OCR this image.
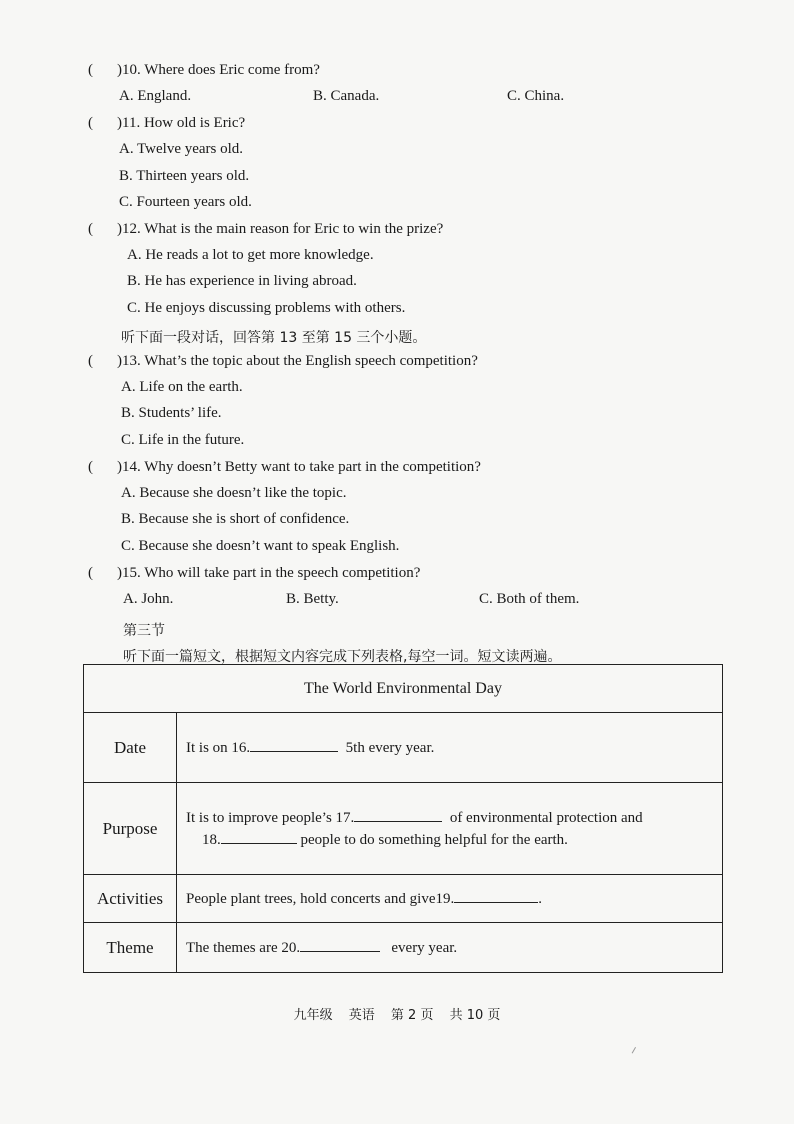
( )10. Where does Eric come from?
A. England.	B. Canada.	C. China.
( )11. How old is Eric?
A. Twelve years old.
B. Thirteen years old.
C. Fourteen years old.
( )12. What is the main reason for Eric to win the prize?
A. He reads a lot to get more knowledge.
B. He has experience in living abroad.
C. He enjoys discussing problems with others.
听下面一段对话，回答第 13 至第 15 三个小题。
( )13. What’s the topic about the English speech competition?
A. Life on the earth.
B. Students’ life.
C. Life in the future.
( )14. Why doesn’t Betty want to take part in the competition?
A. Because she doesn’t like the topic.
B. Because she is short of confidence.
C. Because she doesn’t want to speak English.
( )15. Who will take part in the speech competition?
A. John.	B. Betty.	C. Both of them.
第三节
听下面一篇短文，根据短文内容完成下列表格,每空一词。短文读两遍。
The World Environmental Day	
Date	It is on 16. 5th every year.
Purpose	It is to improve people’s 17. of environmental protection and
18. people to do something helpful for the earth.

Activities	People plant trees, hold concerts and give19. .
Theme	The themes are 20. every year.
九年级 英语 第 2 页 共 10 页
